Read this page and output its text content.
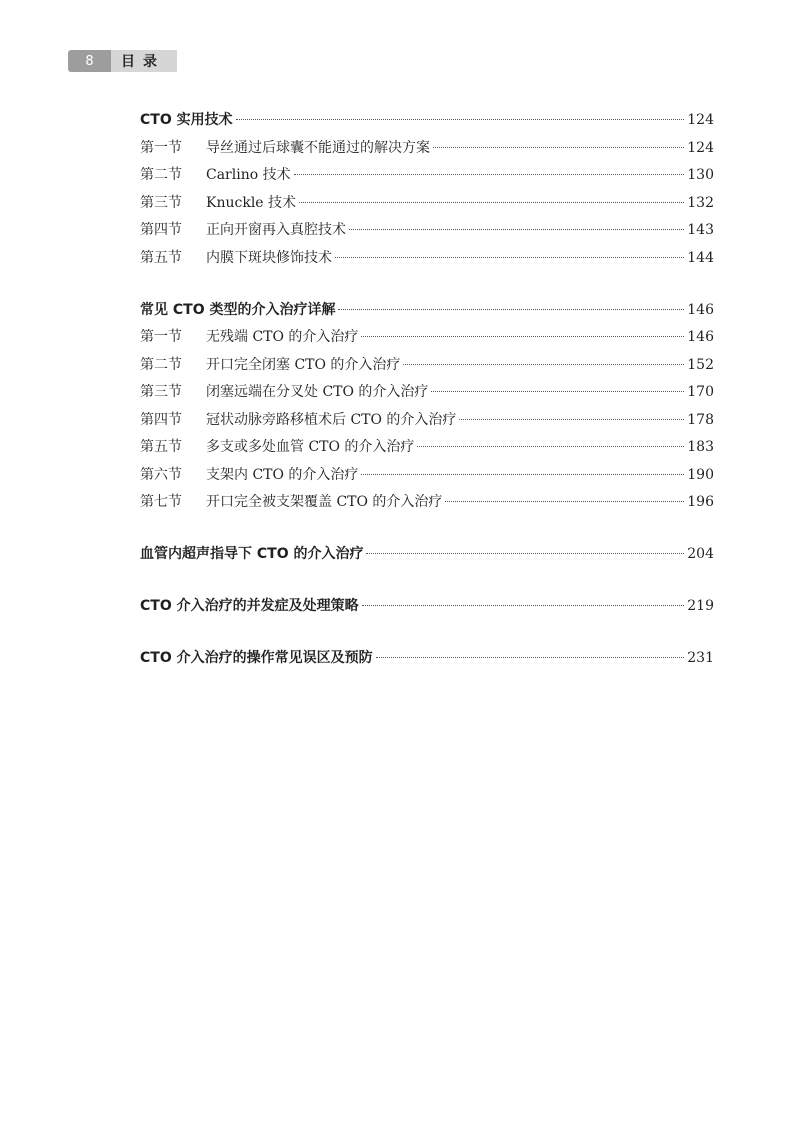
8	目录
CTO 实用技术	124
第一节	导丝通过后球囊不能通过的解决方案	124
第二节	Carlino 技术	130
第三节	Knuckle 技术	132
第四节	正向开窗再入真腔技术	143
第五节	内膜下斑块修饰技术	144
常见 CTO 类型的介入治疗详解	146
第一节	无残端 CTO 的介入治疗	146
第二节	开口完全闭塞 CTO 的介入治疗	152
第三节	闭塞远端在分叉处 CTO 的介入治疗	170
第四节	冠状动脉旁路移植术后 CTO 的介入治疗	178
第五节	多支或多处血管 CTO 的介入治疗	183
第六节	支架内 CTO 的介入治疗	190
第七节	开口完全被支架覆盖 CTO 的介入治疗	196
血管内超声指导下 CTO 的介入治疗	204
CTO 介入治疗的并发症及处理策略	219
CTO 介入治疗的操作常见误区及预防	231
